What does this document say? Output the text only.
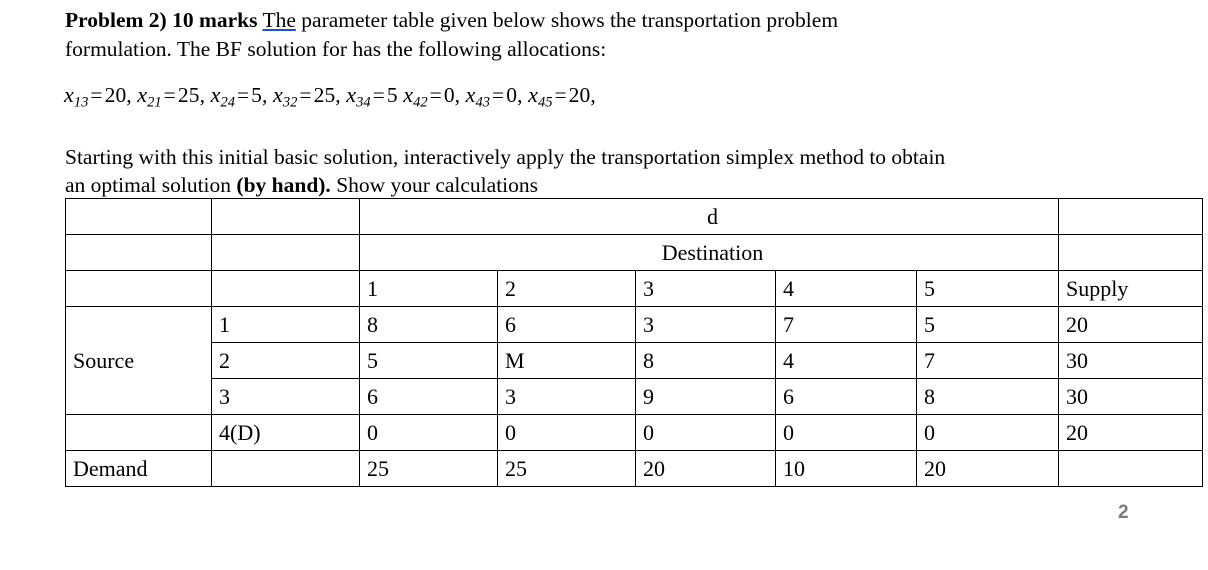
Problem 2) 10 marks The parameter table given below shows the transportation problem

formulation. The BF solution for has the following allocations:

$x_{13}=20$, $x_{21}=25$, $x_{24}=5$, $x_{32}=25$, $x_{34}=5$ $x_{42}=0$, $x_{43}=0$, $x_{45}=20$,

Starting with this initial basic solution, interactively apply the transportation simplex method to obtain

an optimal solution (by hand). Show your calculations

		d					
		Destination					
		1	2	3	4	5	Supply
Source	1	8	6	3	7	5	20
	2	5	M	8	4	7	30
	3	6	3	9	6	8	30
	4(D)	0	0	0	0	0	20
Demand		25	25	20	10	20	
2
